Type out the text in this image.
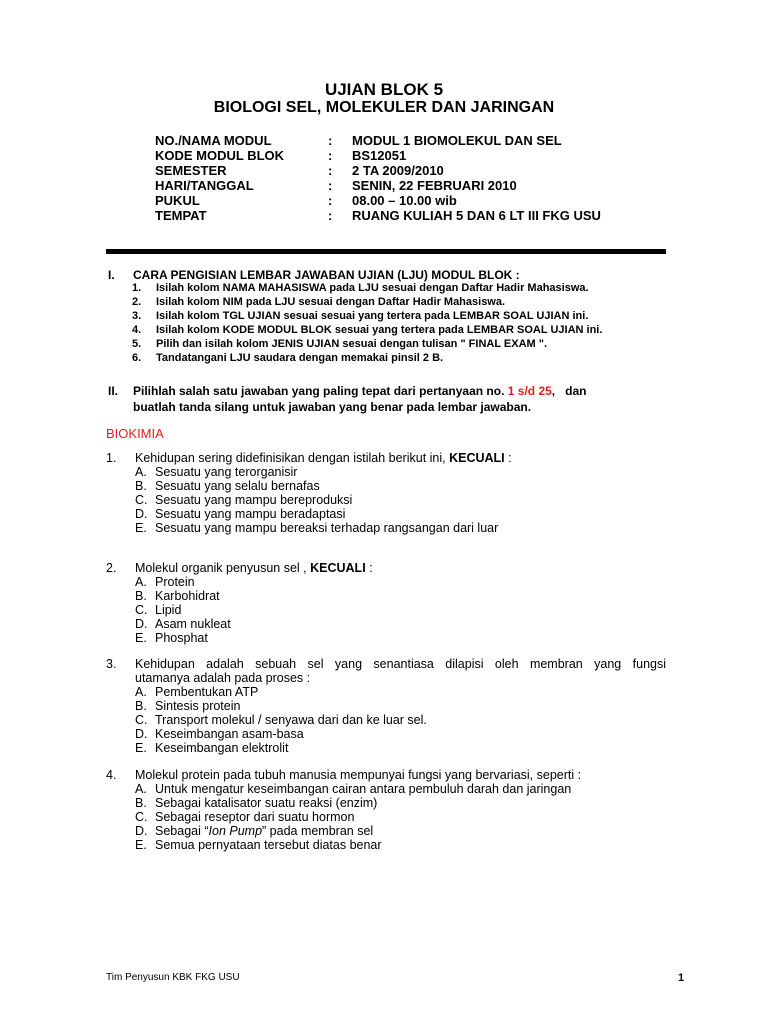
UJIAN BLOK 5
BIOLOGI SEL, MOLEKULER DAN JARINGAN
NO./NAMA MODUL	: MODUL 1 BIOMOLEKUL DAN SEL
KODE MODUL BLOK	: BS12051
SEMESTER	: 2 TA 2009/2010
HARI/TANGGAL	: SENIN, 22 FEBRUARI 2010
PUKUL	: 08.00 – 10.00 wib
TEMPAT	: RUANG KULIAH 5 DAN 6 LT III FKG USU
I. CARA PENGISIAN LEMBAR JAWABAN UJIAN (LJU) MODUL BLOK :
1. Isilah kolom NAMA MAHASISWA pada LJU sesuai dengan Daftar Hadir Mahasiswa.
2. Isilah kolom NIM pada LJU sesuai dengan Daftar Hadir Mahasiswa.
3. Isilah kolom TGL UJIAN sesuai sesuai yang tertera pada LEMBAR SOAL UJIAN ini.
4. Isilah kolom KODE MODUL BLOK sesuai yang tertera pada LEMBAR SOAL UJIAN ini.
5. Pilih dan isilah kolom JENIS UJIAN sesuai dengan tulisan " FINAL EXAM ".
6. Tandatangani LJU saudara dengan memakai pinsil 2 B.
II. Pilihlah salah satu jawaban yang paling tepat dari pertanyaan no. 1 s/d 25,   dan
buatlah tanda silang untuk jawaban yang benar pada lembar jawaban.
BIOKIMIA
1. Kehidupan sering didefinisikan dengan istilah berikut ini, KECUALI :
A. Sesuatu yang terorganisir
B. Sesuatu yang selalu bernafas
C. Sesuatu yang mampu bereproduksi
D. Sesuatu yang mampu beradaptasi
E. Sesuatu yang mampu bereaksi terhadap rangsangan dari luar
2. Molekul organik penyusun sel , KECUALI :
A. Protein
B. Karbohidrat
C. Lipid
D. Asam nukleat
E. Phosphat
3. Kehidupan adalah sebuah sel yang senantiasa dilapisi oleh membran yang fungsi
utamanya adalah pada proses :
A. Pembentukan ATP
B. Sintesis protein
C. Transport molekul / senyawa dari dan ke luar sel.
D. Keseimbangan asam-basa
E. Keseimbangan elektrolit
4. Molekul protein pada tubuh manusia mempunyai fungsi yang bervariasi, seperti :
A. Untuk mengatur keseimbangan cairan antara pembuluh darah dan jaringan
B. Sebagai katalisator suatu reaksi (enzim)
C. Sebagai reseptor dari suatu hormon
D. Sebagai “Ion Pump” pada membran sel
E. Semua pernyataan tersebut diatas benar
Tim Penyusun KBK FKG USU	1
